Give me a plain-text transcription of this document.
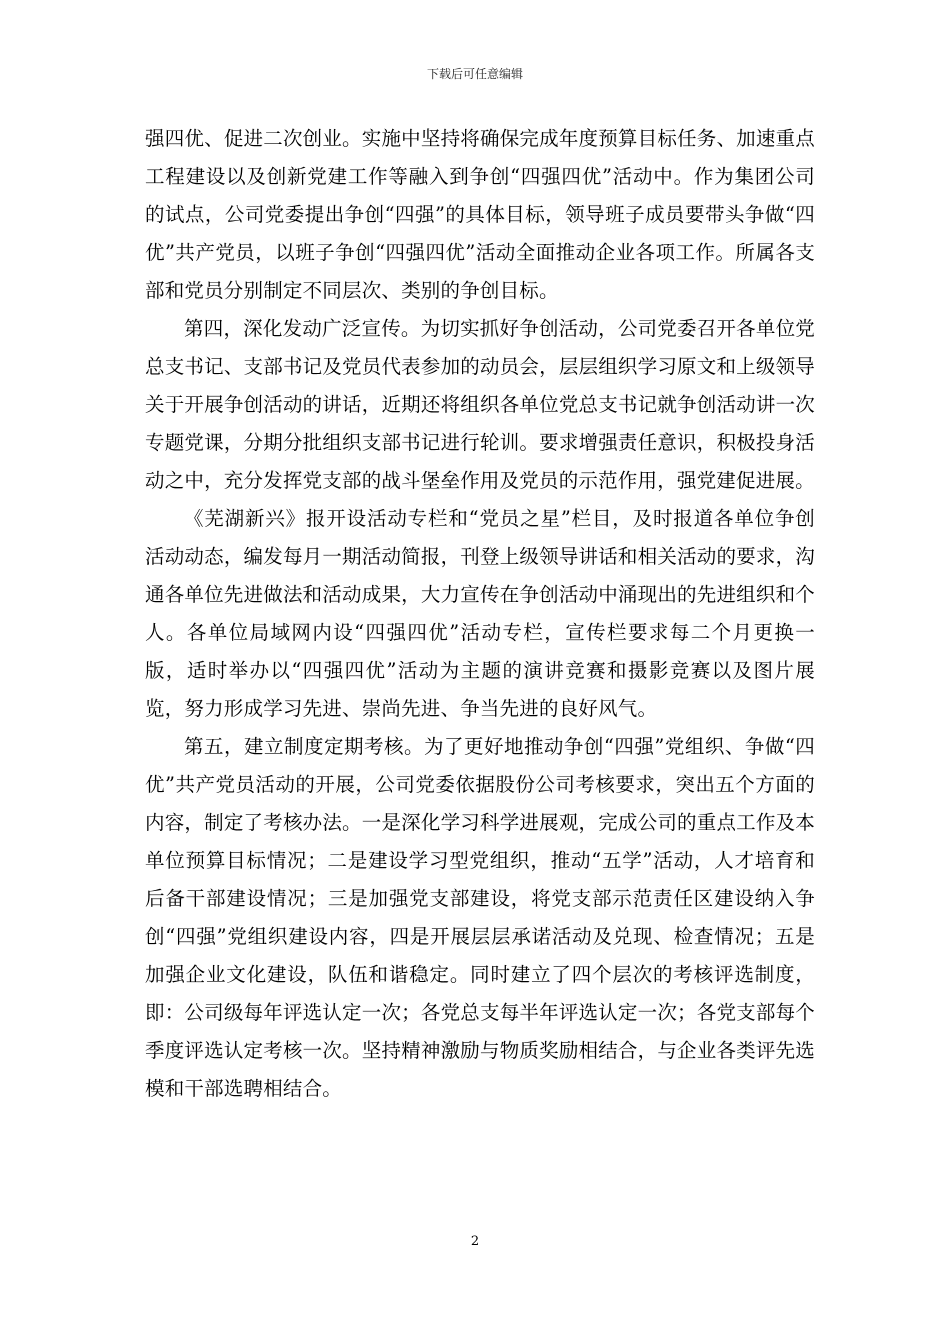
下载后可任意编辑

强四优、促进二次创业。实施中坚持将确保完成年度预算目标任务、加速重点工程建设以及创新党建工作等融入到争创“四强四优”活动中。作为集团公司的试点，公司党委提出争创“四强”的具体目标，领导班子成员要带头争做“四优”共产党员，以班子争创“四强四优”活动全面推动企业各项工作。所属各支部和党员分别制定不同层次、类别的争创目标。

第四，深化发动广泛宣传。为切实抓好争创活动，公司党委召开各单位党总支书记、支部书记及党员代表参加的动员会，层层组织学习原文和上级领导关于开展争创活动的讲话，近期还将组织各单位党总支书记就争创活动讲一次专题党课，分期分批组织支部书记进行轮训。要求增强责任意识，积极投身活动之中，充分发挥党支部的战斗堡垒作用及党员的示范作用，强党建促进展。

《芜湖新兴》报开设活动专栏和“党员之星”栏目，及时报道各单位争创活动动态，编发每月一期活动简报，刊登上级领导讲话和相关活动的要求，沟通各单位先进做法和活动成果，大力宣传在争创活动中涌现出的先进组织和个人。各单位局域网内设“四强四优”活动专栏，宣传栏要求每二个月更换一版，适时举办以“四强四优”活动为主题的演讲竞赛和摄影竞赛以及图片展览，努力形成学习先进、崇尚先进、争当先进的良好风气。

第五，建立制度定期考核。为了更好地推动争创“四强”党组织、争做“四优”共产党员活动的开展，公司党委依据股份公司考核要求，突出五个方面的内容，制定了考核办法。一是深化学习科学进展观，完成公司的重点工作及本单位预算目标情况；二是建设学习型党组织，推动“五学”活动，人才培育和后备干部建设情况；三是加强党支部建设，将党支部示范责任区建设纳入争创“四强”党组织建设内容，四是开展层层承诺活动及兑现、检查情况；五是加强企业文化建设，队伍和谐稳定。同时建立了四个层次的考核评选制度，即：公司级每年评选认定一次；各党总支每半年评选认定一次；各党支部每个季度评选认定考核一次。坚持精神激励与物质奖励相结合，与企业各类评先选模和干部选聘相结合。

2
